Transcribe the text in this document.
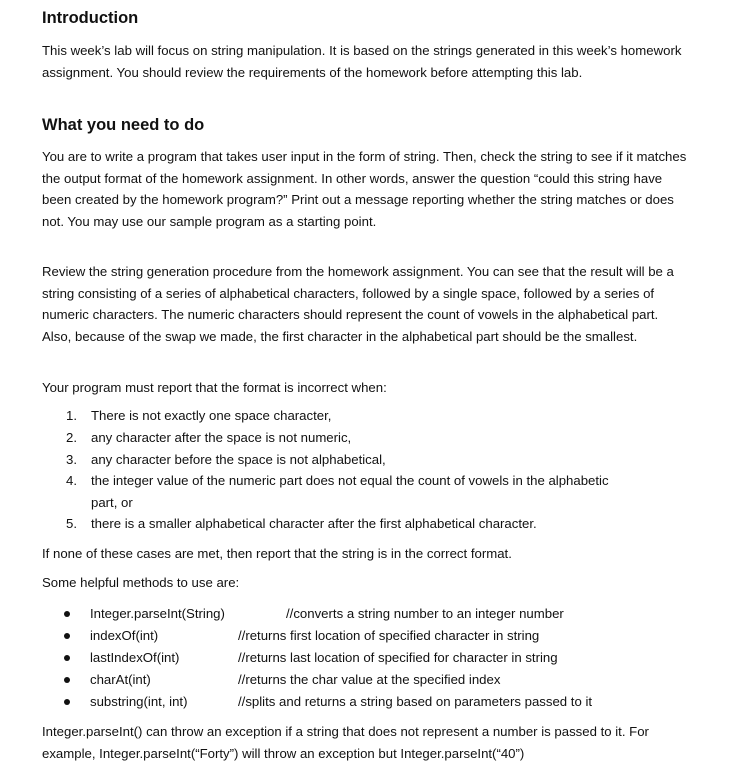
Introduction

This week’s lab will focus on string manipulation. It is based on the strings generated in this week’s homework assignment. You should review the requirements of the homework before attempting this lab.

What you need to do

You are to write a program that takes user input in the form of string. Then, check the string to see if it matches the output format of the homework assignment. In other words, answer the question “could this string have been created by the homework program?” Print out a message reporting whether the string matches or does not. You may use our sample program as a starting point.

Review the string generation procedure from the homework assignment. You can see that the result will be a string consisting of a series of alphabetical characters, followed by a single space, followed by a series of numeric characters. The numeric characters should represent the count of vowels in the alphabetical part. Also, because of the swap we made, the first character in the alphabetical part should be the smallest.

Your program must report that the format is incorrect when:

1.	There is not exactly one space character,
2.	any character after the space is not numeric,
3.	any character before the space is not alphabetical,
4.	the integer value of the numeric part does not equal the count of vowels in the alphabetic part, or
5.	there is a smaller alphabetical character after the first alphabetical character.

If none of these cases are met, then report that the string is in the correct format.

Some helpful methods to use are:

Integer.parseInt(String)	//converts a string number to an integer number
indexOf(int)	//returns first location of specified character in string
lastIndexOf(int)	//returns last location of specified for character in string
charAt(int)	//returns the char value at the specified index
substring(int, int)	//splits and returns a string based on parameters passed to it

Integer.parseInt() can throw an exception if a string that does not represent a number is passed to it. For example, Integer.parseInt(“Forty”) will throw an exception but Integer.parseInt(“40”)
